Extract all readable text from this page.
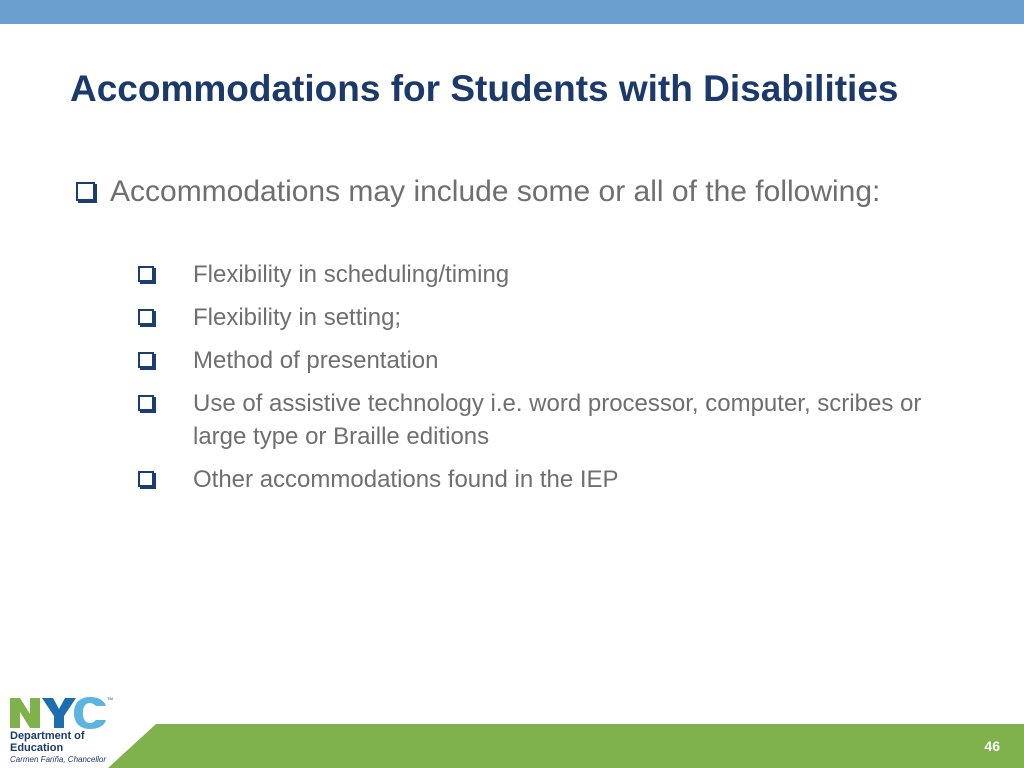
Accommodations for Students with Disabilities
Accommodations may include some or all of the following:
Flexibility in scheduling/timing
Flexibility in setting;
Method of presentation
Use of assistive technology i.e. word processor, computer, scribes or large type or Braille editions
Other accommodations found in the IEP
46
TM
Department of
Education
Carmen Fariña, Chancellor
